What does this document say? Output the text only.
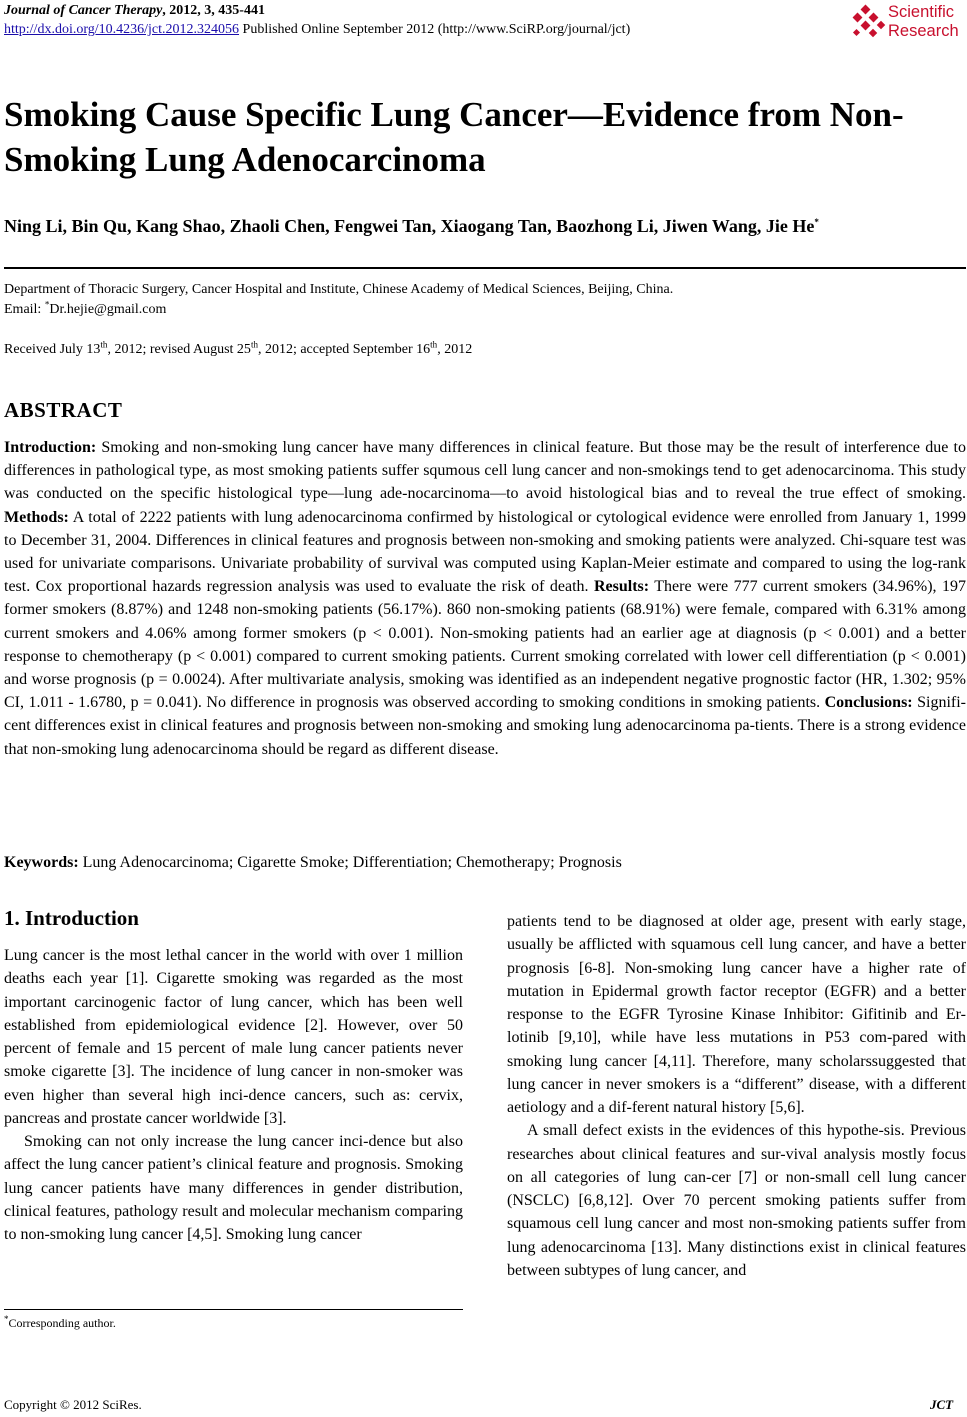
Journal of Cancer Therapy, 2012, 3, 435-441
http://dx.doi.org/10.4236/jct.2012.324056 Published Online September 2012 (http://www.SciRP.org/journal/jct)
Scientific
Research
Smoking Cause Specific Lung Cancer—Evidence from Non-Smoking Lung Adenocarcinoma
Ning Li, Bin Qu, Kang Shao, Zhaoli Chen, Fengwei Tan, Xiaogang Tan, Baozhong Li, Jiwen Wang, Jie He*
Department of Thoracic Surgery, Cancer Hospital and Institute, Chinese Academy of Medical Sciences, Beijing, China.
Email: *Dr.hejie@gmail.com
Received July 13th, 2012; revised August 25th, 2012; accepted September 16th, 2012
ABSTRACT
Introduction: Smoking and non-smoking lung cancer have many differences in clinical feature. But those may be the result of interference due to differences in pathological type, as most smoking patients suffer squmous cell lung cancer and non-smokings tend to get adenocarcinoma. This study was conducted on the specific histological type—lung ade-nocarcinoma—to avoid histological bias and to reveal the true effect of smoking. Methods: A total of 2222 patients with lung adenocarcinoma confirmed by histological or cytological evidence were enrolled from January 1, 1999 to December 31, 2004. Differences in clinical features and prognosis between non-smoking and smoking patients were analyzed. Chi-square test was used for univariate comparisons. Univariate probability of survival was computed using Kaplan-Meier estimate and compared to using the log-rank test. Cox proportional hazards regression analysis was used to evaluate the risk of death. Results: There were 777 current smokers (34.96%), 197 former smokers (8.87%) and 1248 non-smoking patients (56.17%). 860 non-smoking patients (68.91%) were female, compared with 6.31% among current smokers and 4.06% among former smokers (p < 0.001). Non-smoking patients had an earlier age at diagnosis (p < 0.001) and a better response to chemotherapy (p < 0.001) compared to current smoking patients. Current smoking correlated with lower cell differentiation (p < 0.001) and worse prognosis (p = 0.0024). After multivariate analysis, smoking was identified as an independent negative prognostic factor (HR, 1.302; 95% CI, 1.011 - 1.6780, p = 0.041). No difference in prognosis was observed according to smoking conditions in smoking patients. Conclusions: Signifi-cent differences exist in clinical features and prognosis between non-smoking and smoking lung adenocarcinoma pa-tients. There is a strong evidence that non-smoking lung adenocarcinoma should be regard as different disease.
Keywords: Lung Adenocarcinoma; Cigarette Smoke; Differentiation; Chemotherapy; Prognosis
1. Introduction

Lung cancer is the most lethal cancer in the world with over 1 million deaths each year [1]. Cigarette smoking was regarded as the most important carcinogenic factor of lung cancer, which has been well established from epidemiological evidence [2]. However, over 50 percent of female and 15 percent of male lung cancer patients never smoke cigarette [3]. The incidence of lung cancer in non-smoker was even higher than several high inci-dence cancers, such as: cervix, pancreas and prostate cancer worldwide [3].

Smoking can not only increase the lung cancer inci-dence but also affect the lung cancer patient’s clinical feature and prognosis. Smoking lung cancer patients have many differences in gender distribution, clinical features, pathology result and molecular mechanism comparing to non-smoking lung cancer [4,5]. Smoking lung cancer

patients tend to be diagnosed at older age, present with early stage, usually be afflicted with squamous cell lung cancer, and have a better prognosis [6-8]. Non-smoking lung cancer have a higher rate of mutation in Epidermal growth factor receptor (EGFR) and a better response to the EGFR Tyrosine Kinase Inhibitor: Gifitinib and Er-lotinib [9,10], while have less mutations in P53 com-pared with smoking lung cancer [4,11]. Therefore, many scholarssuggested that lung cancer in never smokers is a “different” disease, with a different aetiology and a dif-ferent natural history [5,6].

A small defect exists in the evidences of this hypothe-sis. Previous researches about clinical features and sur-vival analysis mostly focus on all categories of lung can-cer [7] or non-small cell lung cancer (NSCLC) [6,8,12]. Over 70 percent smoking patients suffer from squamous cell lung cancer and most non-smoking patients suffer from lung adenocarcinoma [13]. Many distinctions exist in clinical features between subtypes of lung cancer, and

*Corresponding author.
Copyright © 2012 SciRes.	JCT
